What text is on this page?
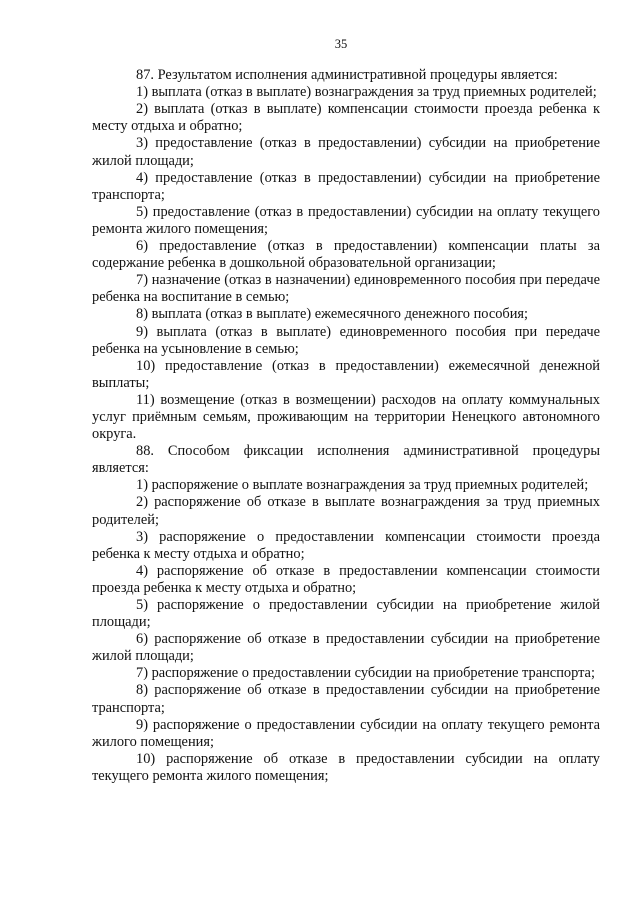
35

87. Результатом исполнения административной процедуры является:

1) выплата (отказ в выплате) вознаграждения за труд приемных родителей;

2) выплата (отказ в выплате) компенсации стоимости проезда ребенка к месту отдыха и обратно;

3) предоставление (отказ в предоставлении) субсидии на приобретение жилой площади;

4) предоставление (отказ в предоставлении) субсидии на приобретение транспорта;

5) предоставление (отказ в предоставлении) субсидии на оплату текущего ремонта жилого помещения;

6) предоставление (отказ в предоставлении) компенсации платы за содержание ребенка в дошкольной образовательной организации;

7) назначение (отказ в назначении) единовременного пособия при передаче ребенка на воспитание в семью;

8) выплата (отказ в выплате) ежемесячного денежного пособия;

9) выплата (отказ в выплате) единовременного пособия при передаче ребенка на усыновление в семью;

10) предоставление (отказ в предоставлении) ежемесячной денежной выплаты;

11) возмещение (отказ в возмещении) расходов на оплату коммунальных услуг приёмным семьям, проживающим на территории Ненецкого автономного округа.

88. Способом фиксации исполнения административной процедуры является:

1) распоряжение о выплате вознаграждения за труд приемных родителей;

2) распоряжение об отказе в выплате вознаграждения за труд приемных родителей;

3) распоряжение о предоставлении компенсации стоимости проезда ребенка к месту отдыха и обратно;

4) распоряжение об отказе в предоставлении компенсации стоимости проезда ребенка к месту отдыха и обратно;

5) распоряжение о предоставлении субсидии на приобретение жилой площади;

6) распоряжение об отказе в предоставлении субсидии на приобретение жилой площади;

7) распоряжение о предоставлении субсидии на приобретение транспорта;

8) распоряжение об отказе в предоставлении субсидии на приобретение транспорта;

9) распоряжение о предоставлении субсидии на оплату текущего ремонта жилого помещения;

10) распоряжение об отказе в предоставлении субсидии на оплату текущего ремонта жилого помещения;
